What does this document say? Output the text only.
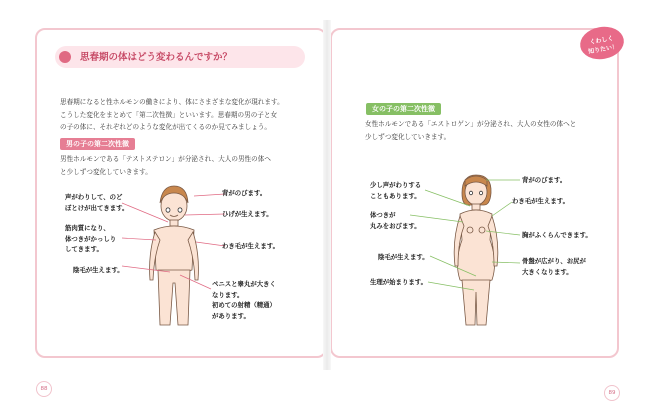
思春期の体はどう変わるんですか？
思春期になると性ホルモンの働きにより、体にさまざまな変化が現れます。
こうした変化をまとめて「第二次性徴」といいます。思春期の男の子と女
の子の体に、それぞれどのような変化が出てくるのか見てみましょう。
男の子の第二次性徴
男性ホルモンである「テストステロン」が分泌され、大人の男性の体へ
と少しずつ変化していきます。
女の子の第二次性徴
女性ホルモンである「エストロゲン」が分泌され、大人の女性の体へと
少しずつ変化していきます。
声がわりして、のど
ぼとけが出てきます。
筋肉質になり、
体つきがかっしり
してきます。
陰毛が生えます。
背がのびます。
ひげが生えます。
わき毛が生えます。
ペニスと睾丸が大きく
なります。
初めての射精（精通）
があります。
少し声がわりする
こともあります。
体つきが
丸みをおびます。
陰毛が生えます。
生理が始まります。
背がのびます。
わき毛が生えます。
胸がふくらんできます。
骨盤が広がり、お尻が
大きくなります。
くわしく
知りたい！
88
89
